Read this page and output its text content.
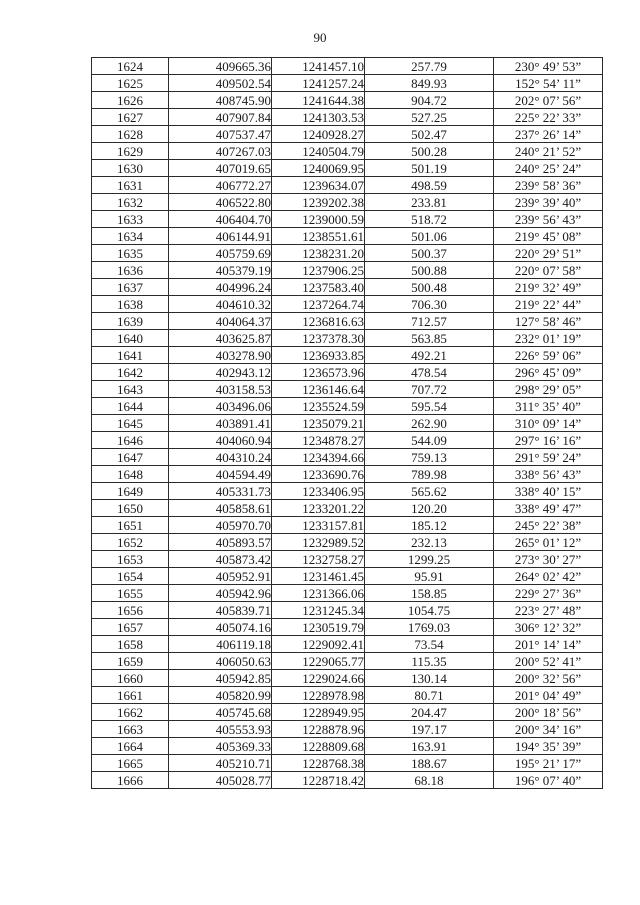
90
1624	409665.36	1241457.10	257.79	230° 49’ 53”
1625	409502.54	1241257.24	849.93	152° 54’ 11”
1626	408745.90	1241644.38	904.72	202° 07’ 56”
1627	407907.84	1241303.53	527.25	225° 22’ 33”
1628	407537.47	1240928.27	502.47	237° 26’ 14”
1629	407267.03	1240504.79	500.28	240° 21’ 52”
1630	407019.65	1240069.95	501.19	240° 25’ 24”
1631	406772.27	1239634.07	498.59	239° 58’ 36”
1632	406522.80	1239202.38	233.81	239° 39’ 40”
1633	406404.70	1239000.59	518.72	239° 56’ 43”
1634	406144.91	1238551.61	501.06	219° 45’ 08”
1635	405759.69	1238231.20	500.37	220° 29’ 51”
1636	405379.19	1237906.25	500.88	220° 07’ 58”
1637	404996.24	1237583.40	500.48	219° 32’ 49”
1638	404610.32	1237264.74	706.30	219° 22’ 44”
1639	404064.37	1236816.63	712.57	127° 58’ 46”
1640	403625.87	1237378.30	563.85	232° 01’ 19”
1641	403278.90	1236933.85	492.21	226° 59’ 06”
1642	402943.12	1236573.96	478.54	296° 45’ 09”
1643	403158.53	1236146.64	707.72	298° 29’ 05”
1644	403496.06	1235524.59	595.54	311° 35’ 40”
1645	403891.41	1235079.21	262.90	310° 09’ 14”
1646	404060.94	1234878.27	544.09	297° 16’ 16”
1647	404310.24	1234394.66	759.13	291° 59’ 24”
1648	404594.49	1233690.76	789.98	338° 56’ 43”
1649	405331.73	1233406.95	565.62	338° 40’ 15”
1650	405858.61	1233201.22	120.20	338° 49’ 47”
1651	405970.70	1233157.81	185.12	245° 22’ 38”
1652	405893.57	1232989.52	232.13	265° 01’ 12”
1653	405873.42	1232758.27	1299.25	273° 30’ 27”
1654	405952.91	1231461.45	95.91	264° 02’ 42”
1655	405942.96	1231366.06	158.85	229° 27’ 36”
1656	405839.71	1231245.34	1054.75	223° 27’ 48”
1657	405074.16	1230519.79	1769.03	306° 12’ 32”
1658	406119.18	1229092.41	73.54	201° 14’ 14”
1659	406050.63	1229065.77	115.35	200° 52’ 41”
1660	405942.85	1229024.66	130.14	200° 32’ 56”
1661	405820.99	1228978.98	80.71	201° 04’ 49”
1662	405745.68	1228949.95	204.47	200° 18’ 56”
1663	405553.93	1228878.96	197.17	200° 34’ 16”
1664	405369.33	1228809.68	163.91	194° 35’ 39”
1665	405210.71	1228768.38	188.67	195° 21’ 17”
1666	405028.77	1228718.42	68.18	196° 07’ 40”
